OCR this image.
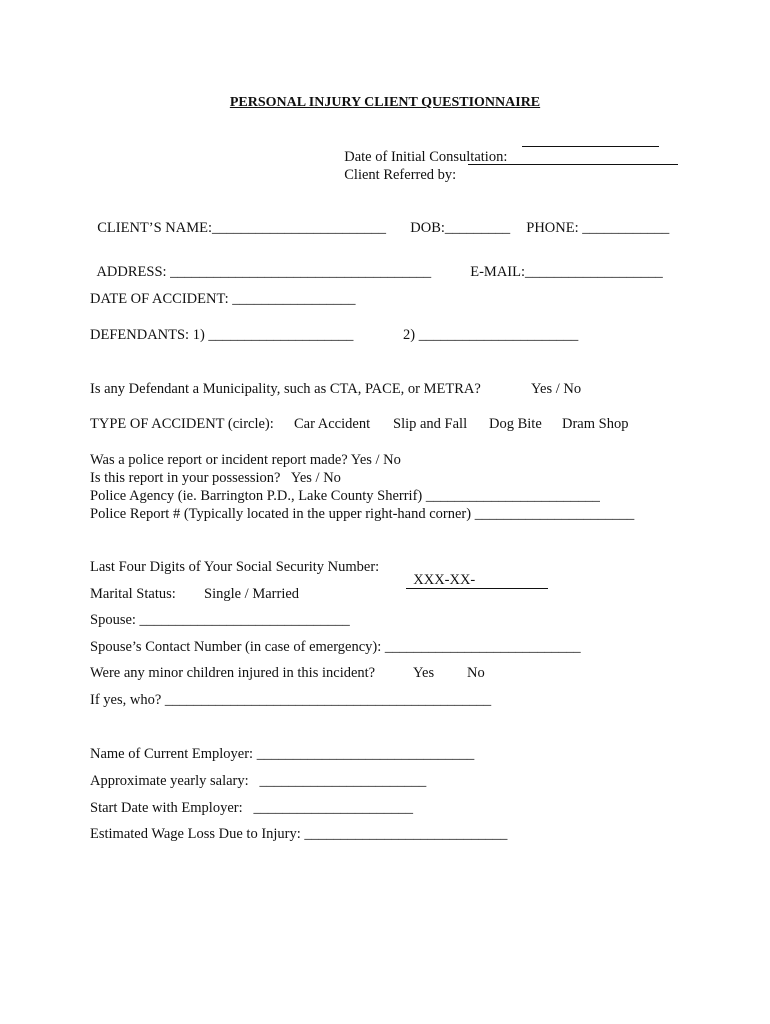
PERSONAL INJURY CLIENT QUESTIONNAIRE

Date of Initial Consultation:

Client Referred by:

CLIENT’S NAME:________________________	DOB:_________	PHONE: ____________

ADDRESS: ____________________________________	E-MAIL:___________________

DATE OF ACCIDENT: _________________
DEFENDANTS: 1) ____________________	2) ______________________
Is any Defendant a Municipality, such as CTA, PACE, or METRA?	Yes / No
TYPE OF ACCIDENT (circle): Car Accident Slip and Fall Dog Bite Dram Shop
Was a police report or incident report made? Yes / No
Is this report in your possession?   Yes / No
Police Agency (ie. Barrington P.D., Lake County Sherrif) ________________________
Police Report # (Typically located in the upper right-hand corner) ______________________
Last Four Digits of Your Social Security Number:

XXX-XX-

Marital Status: Single / Married
Spouse: _____________________________
Spouse’s Contact Number (in case of emergency): ___________________________
Were any minor children injured in this incident?	Yes No
If yes, who? _____________________________________________
Name of Current Employer: ______________________________
Approximate yearly salary:   _______________________
Start Date with Employer:   ______________________
Estimated Wage Loss Due to Injury: ____________________________
